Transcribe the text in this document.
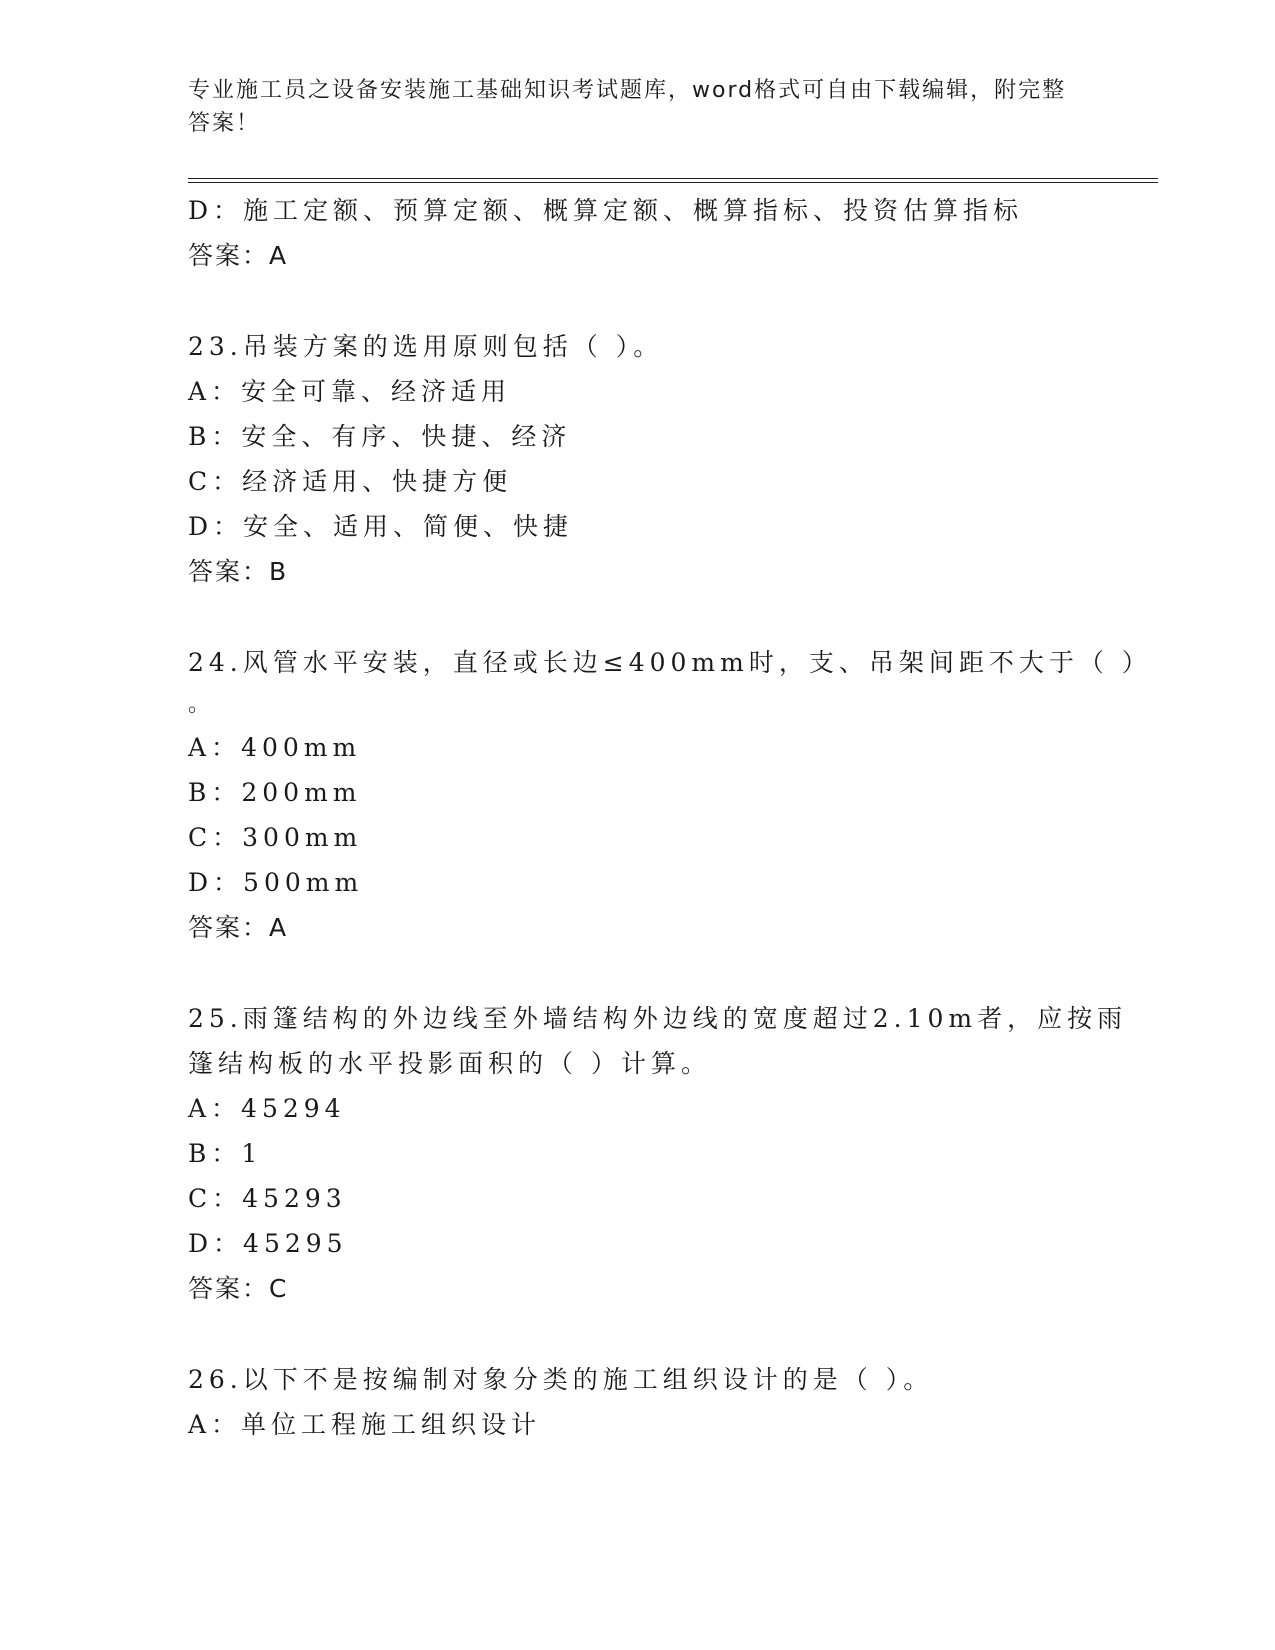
专业施工员之设备安装施工基础知识考试题库，word格式可自由下载编辑，附完整答案！
D：施工定额、预算定额、概算定额、概算指标、投资估算指标
答案：A
23.吊装方案的选用原则包括（ ）。
A：安全可靠、经济适用
B：安全、有序、快捷、经济
C：经济适用、快捷方便
D：安全、适用、简便、快捷
答案：B
24.风管水平安装，直径或长边≤400mm时，支、吊架间距不大于（ ）
。
A：400mm
B：200mm
C：300mm
D：500mm
答案：A
25.雨篷结构的外边线至外墙结构外边线的宽度超过2.10m者，应按雨
篷结构板的水平投影面积的（ ）计算。
A：45294
B：1
C：45293
D：45295
答案：C
26.以下不是按编制对象分类的施工组织设计的是（ ）。
A：单位工程施工组织设计
